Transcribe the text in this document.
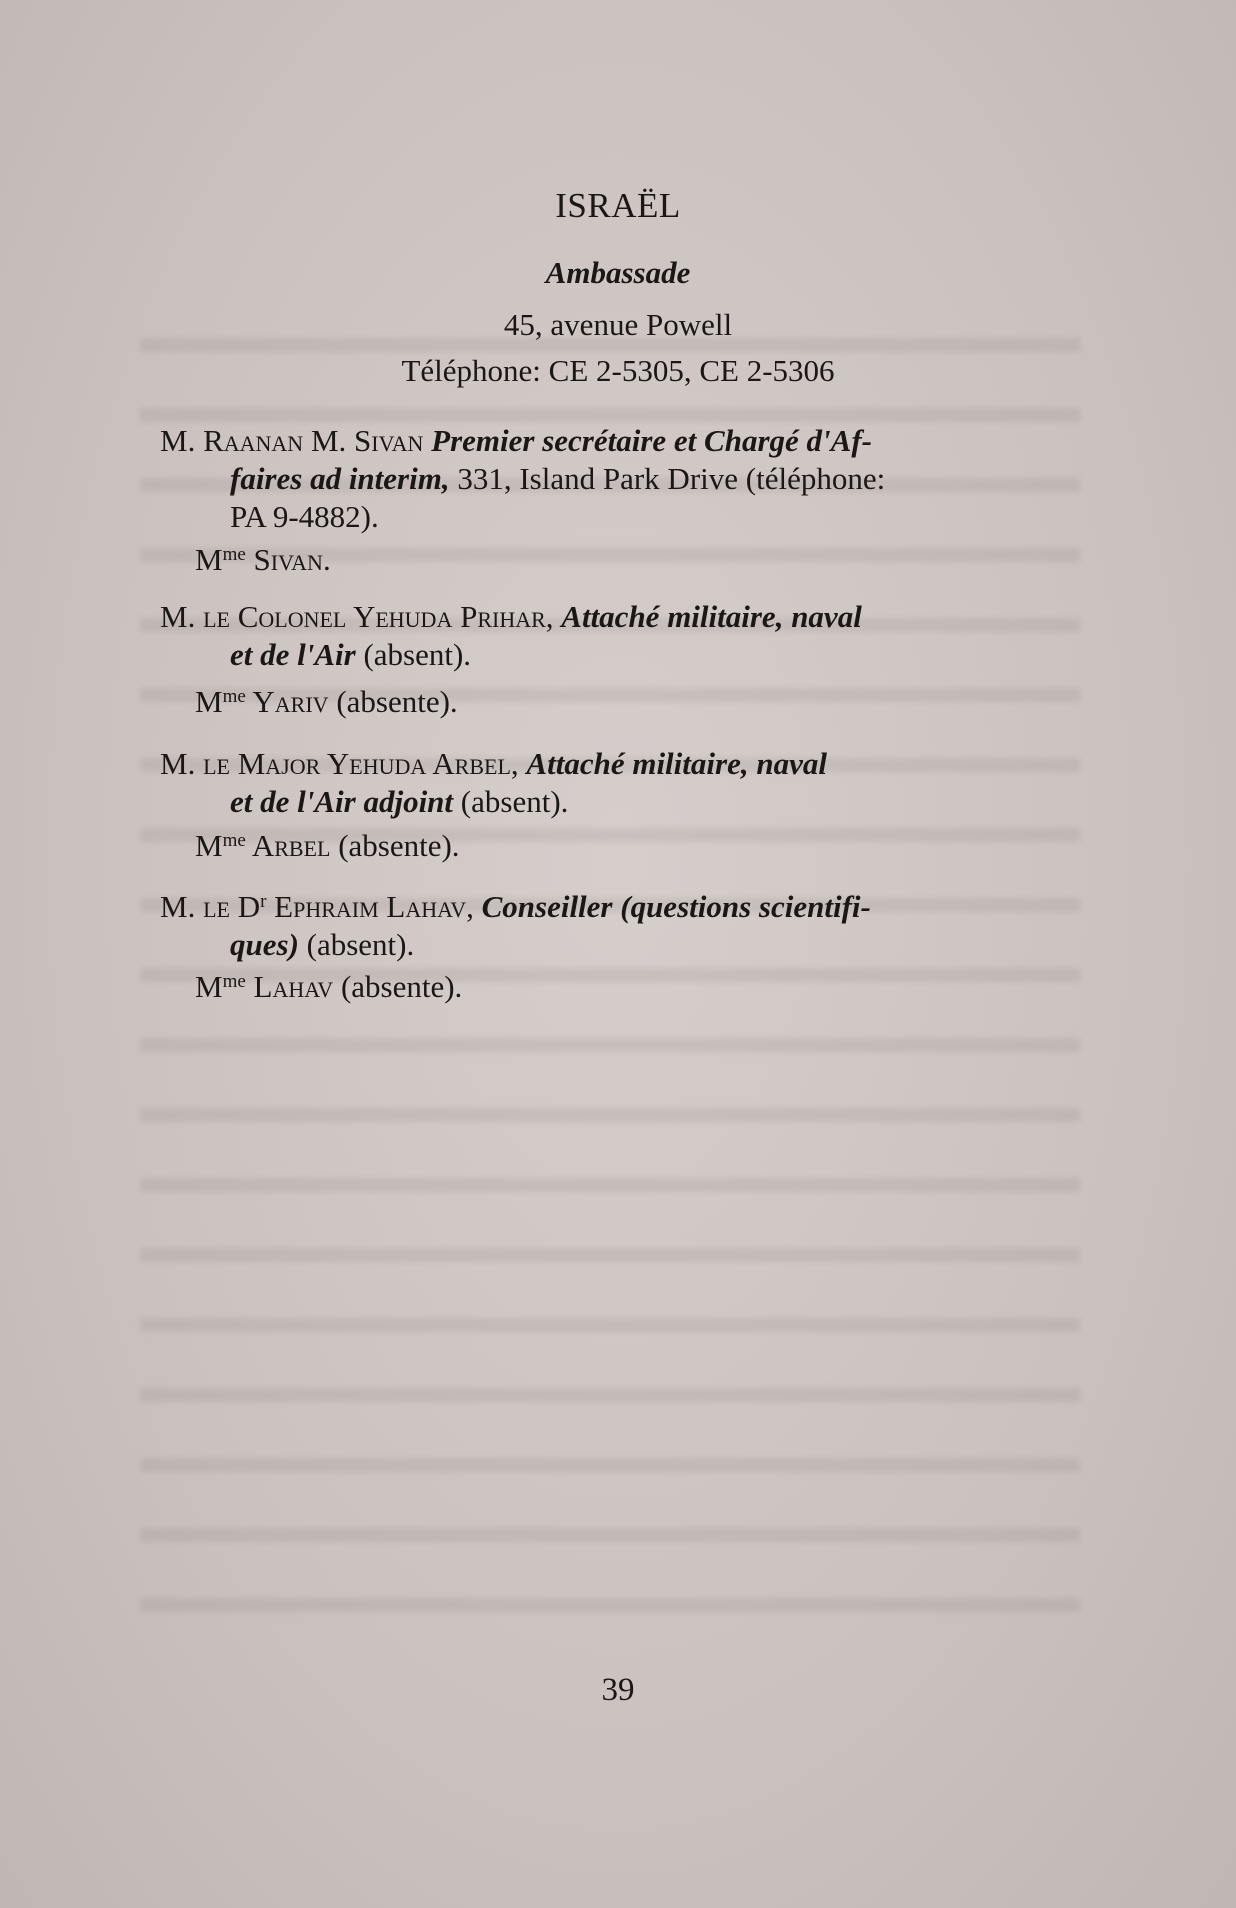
ISRAËL
Ambassade
45, avenue Powell
Téléphone: CE 2-5305, CE 2-5306
M. Raanan M. Sivan Premier secrétaire et Chargé d'Af-
faires ad interim, 331, Island Park Drive (téléphone:
PA 9-4882).
$M^{me}$ Sivan.
M. le Colonel Yehuda Prihar, Attaché militaire, naval
et de l'Air (absent).
$M^{me}$ Yariv (absente).
M. le Major Yehuda Arbel, Attaché militaire, naval
et de l'Air adjoint (absent).
$M^{me}$ Arbel (absente).
M. le $D^r$ Ephraim Lahav, Conseiller (questions scientifi-
ques) (absent).
$M^{me}$ Lahav (absente).
39
